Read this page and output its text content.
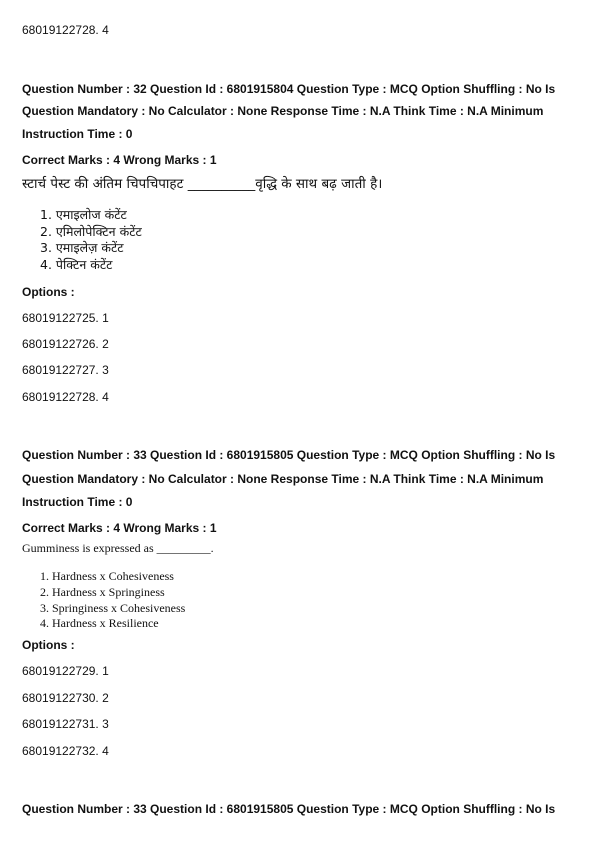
68019122728. 4
Question Number : 32 Question Id : 6801915804 Question Type : MCQ Option Shuffling : No Is
Question Mandatory : No Calculator : None Response Time : N.A Think Time : N.A Minimum
Instruction Time : 0
Correct Marks : 4 Wrong Marks : 1
स्टार्च पेस्ट की अंतिम चिपचिपाहट __________वृद्धि के साथ बढ़ जाती है।
1. एमाइलोज कंटेंट
2. एमिलोपेक्टिन कंटेंट
3. एमाइलेज़ कंटेंट
4. पेक्टिन कंटेंट
Options :
68019122725. 1
68019122726. 2
68019122727. 3
68019122728. 4
Question Number : 33 Question Id : 6801915805 Question Type : MCQ Option Shuffling : No Is
Question Mandatory : No Calculator : None Response Time : N.A Think Time : N.A Minimum
Instruction Time : 0
Correct Marks : 4 Wrong Marks : 1
Gumminess is expressed as _________.
1. Hardness x Cohesiveness
2. Hardness x Springiness
3. Springiness x Cohesiveness
4. Hardness x Resilience
Options :
68019122729. 1
68019122730. 2
68019122731. 3
68019122732. 4
Question Number : 33 Question Id : 6801915805 Question Type : MCQ Option Shuffling : No Is
